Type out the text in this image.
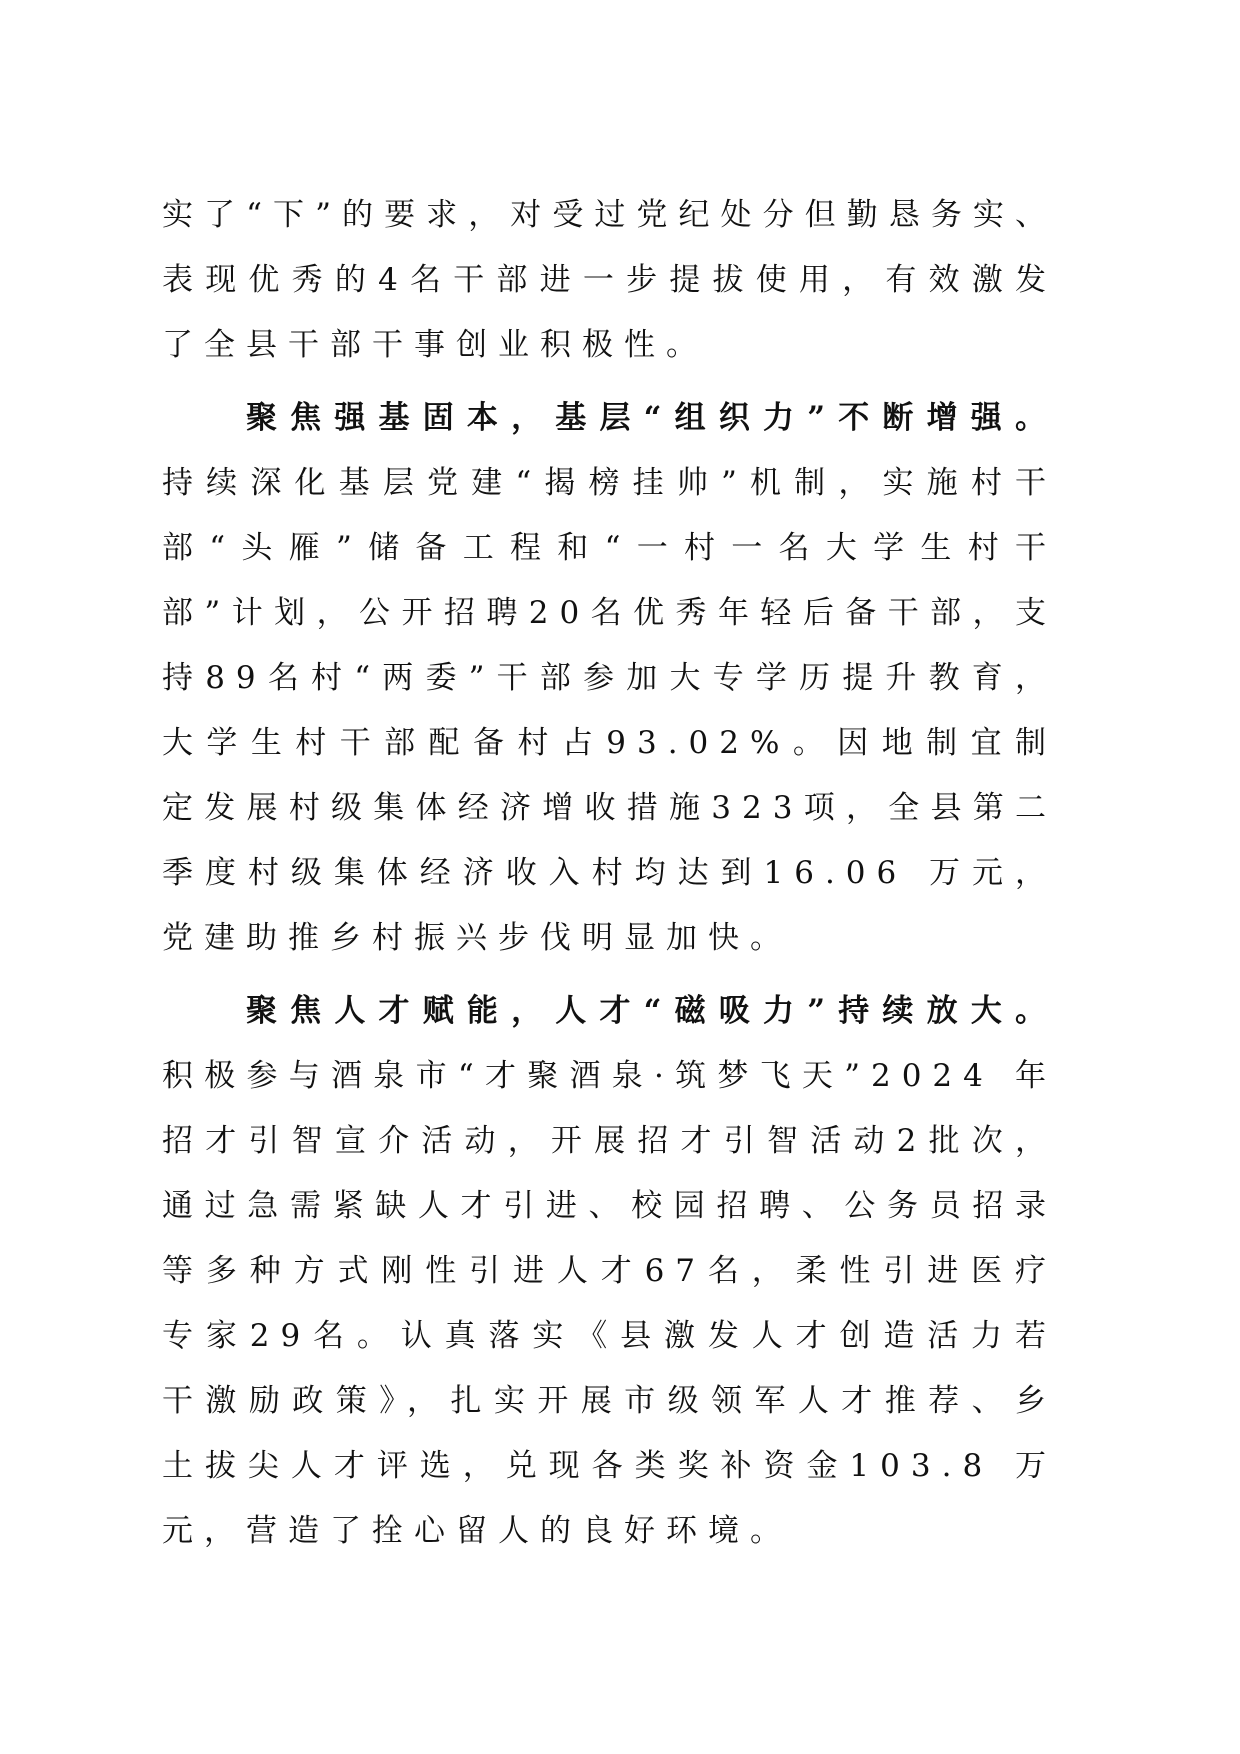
实了“下”的要求，对受过党纪处分但勤恳务实、表现优秀的4名干部进一步提拔使用，有效激发了全县干部干事创业积极性。

聚焦强基固本，基层“组织力”不断增强。持续深化基层党建“揭榜挂帅”机制，实施村干部“头雁”储备工程和“一村一名大学生村干部”计划，公开招聘20名优秀年轻后备干部，支持89名村“两委”干部参加大专学历提升教育，大学生村干部配备村占93.02%。因地制宜制定发展村级集体经济增收措施323项，全县第二季度村级集体经济收入村均达到16.06 万元，党建助推乡村振兴步伐明显加快。

聚焦人才赋能，人才“磁吸力”持续放大。积极参与酒泉市“才聚酒泉·筑梦飞天”2024 年招才引智宣介活动，开展招才引智活动2批次，通过急需紧缺人才引进、校园招聘、公务员招录等多种方式刚性引进人才67名，柔性引进医疗专家29名。认真落实《县激发人才创造活力若干激励政策》，扎实开展市级领军人才推荐、乡土拔尖人才评选，兑现各类奖补资金103.8 万元，营造了拴心留人的良好环境。
